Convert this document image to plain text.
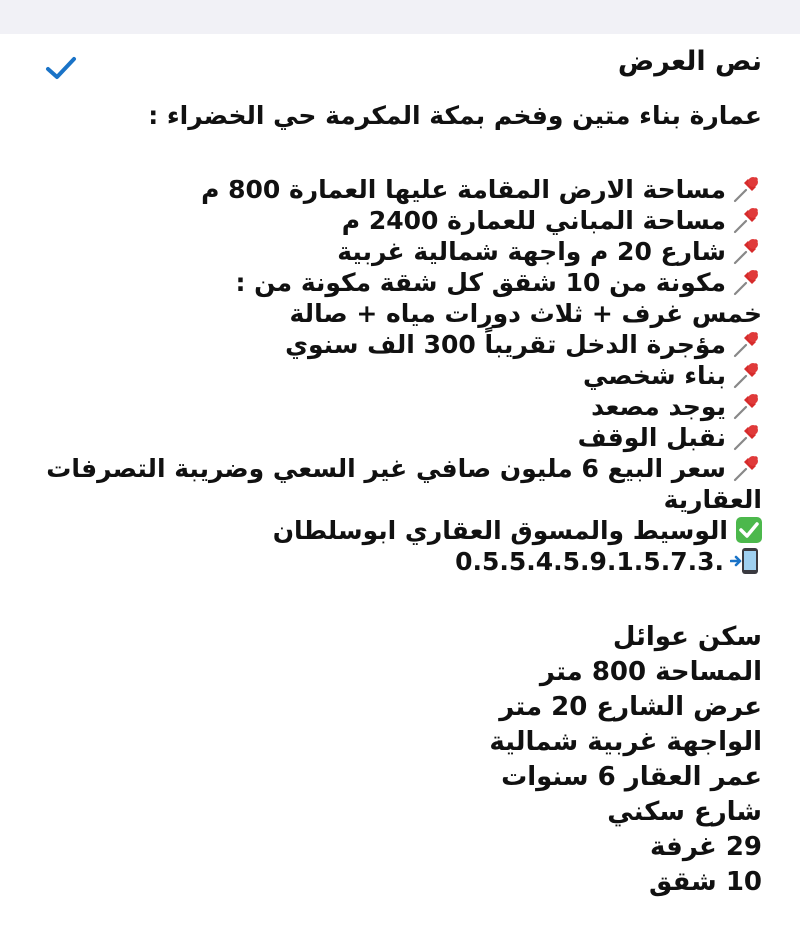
نص العرض
عمارة بناء متين وفخم بمكة المكرمة حي الخضراء :
مساحة الارض المقامة عليها العمارة 800 م
مساحة المباني للعمارة 2400 م
شارع 20 م واجهة شمالية غربية
مكونة من 10 شقق كل شقة مكونة من :
خمس غرف + ثلاث دورات مياه + صالة
مؤجرة الدخل تقريباً 300 الف سنوي
بناء شخصي
يوجد مصعد
نقبل الوقف
سعر البيع 6 مليون صافي غير السعي وضريبة التصرفات العقارية
الوسيط والمسوق العقاري ابوسلطان
.0.5.5.4.5.9.1.5.7.3
سكن عوائل
المساحة 800 متر
عرض الشارع 20 متر
الواجهة غربية شمالية
عمر العقار 6 سنوات
شارع سكني
29 غرفة
10 شقق
